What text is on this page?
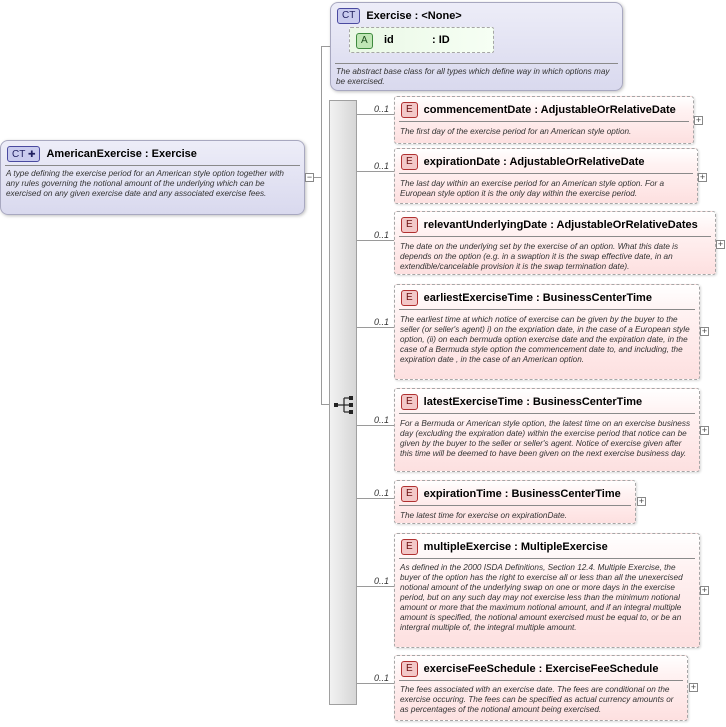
CT	Exercise : <None>
A	id	: ID
The abstract base class for all types which define way in which options may be exercised.
CT ✚	AmericanExercise : Exercise
A type defining the exercise period for an American style option together with any rules governing the notional amount of the underlying which can be exercised on any given exercise date and any associated exercise fees.
−
0..1	E	commencementDate : AdjustableOrRelativeDate
The first day of the exercise period for an American style option.
+
0..1	E	expirationDate : AdjustableOrRelativeDate
The last day within an exercise period for an American style option. For a European style option it is the only day within the exercise period.
+
0..1
E	relevantUnderlyingDate : AdjustableOrRelativeDates
The date on the underlying set by the exercise of an option. What this date is depends on the option (e.g. in a swaption it is the swap effective date, in an extendible/cancelable provision it is the swap termination date).
+
0..1
E	earliestExerciseTime : BusinessCenterTime
The earliest time at which notice of exercise can be given by the buyer to the seller (or seller's agent) i) on the expriation date, in the case of a European style option, (ii) on each bermuda option exercise date and the expiration date, in the case of a Bermuda style option the commencement date to, and including, the expiration date , in the case of an American option.
+
0..1
E	latestExerciseTime : BusinessCenterTime
For a Bermuda or American style option, the latest time on an exercise business day (excluding the expiration date) within the exercise period that notice can be given by the buyer to the seller or seller's agent. Notice of exercise given after this time will be deemed to have been given on the next exercise business day.
+
0..1	E	expirationTime : BusinessCenterTime
The latest time for exercise on expirationDate.
+
0..1
E	multipleExercise : MultipleExercise
As defined in the 2000 ISDA Definitions, Section 12.4. Multiple Exercise, the buyer of the option has the right to exercise all or less than all the unexercised notional amount of the underlying swap on one or more days in the exercise period, but on any such day may not exercise less than the minimum notional amount or more that the maximum notional amount, and if an integral multiple amount is specified, the notional amount exercised must be equal to, or be an intergral multiple of, the integral multiple amount.
+
0..1
E	exerciseFeeSchedule : ExerciseFeeSchedule
The fees associated with an exercise date. The fees are conditional on the exercise occuring. The fees can be specified as actual currency amounts or as percentages of the notional amount being exercised.
+
